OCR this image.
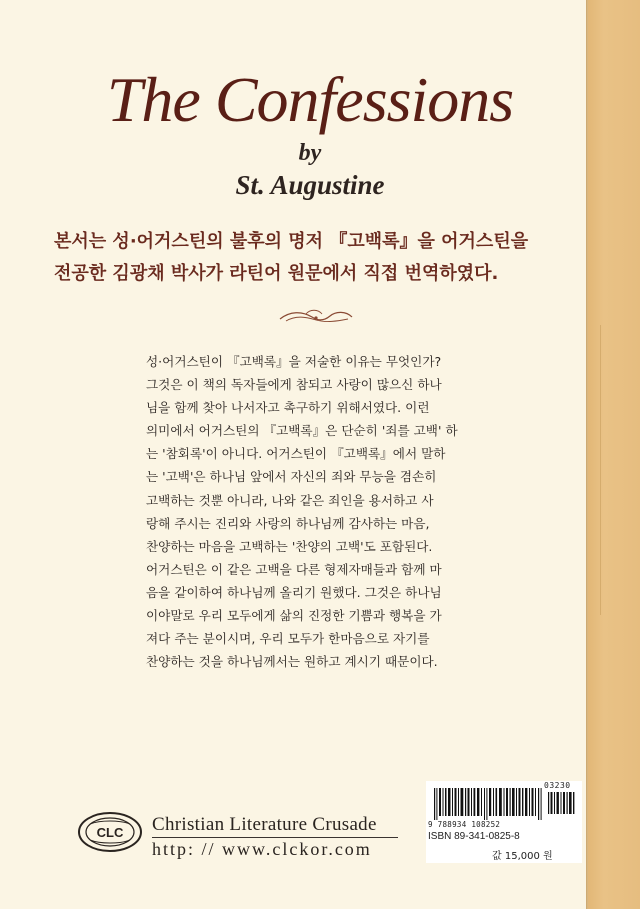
The Confessions
by
St. Augustine
본서는 성·어거스틴의 불후의 명저 『고백록』을 어거스틴을
전공한 김광채 박사가 라틴어 원문에서 직접 번역하였다.
성·어거스틴이 『고백록』을 저술한 이유는 무엇인가?
그것은 이 책의 독자들에게 참되고 사랑이 많으신 하나
님을 함께 찾아 나서자고 촉구하기 위해서였다. 이런
의미에서 어거스틴의 『고백록』은 단순히 '죄를 고백' 하
는 '참회록'이 아니다. 어거스틴이 『고백록』에서 말하
는 '고백'은 하나님 앞에서 자신의 죄와 무능을 겸손히
고백하는 것뿐 아니라, 나와 같은 죄인을 용서하고 사
랑해 주시는 진리와 사랑의 하나님께 감사하는 마음,
찬양하는 마음을 고백하는 '찬양의 고백'도 포함된다.
어거스틴은 이 같은 고백을 다른 형제자매들과 함께 마
음을 같이하여 하나님께 올리기 원했다. 그것은 하나님
이야말로 우리 모두에게 삶의 진정한 기쁨과 행복을 가
져다 주는 분이시며, 우리 모두가 한마음으로 자기를
찬양하는 것을 하나님께서는 원하고 계시기 때문이다.
CLC Christian Literature Crusade
http: // www.clckor.com
03230
9 788934 108252
ISBN 89-341-0825-8
값 15,000 원
